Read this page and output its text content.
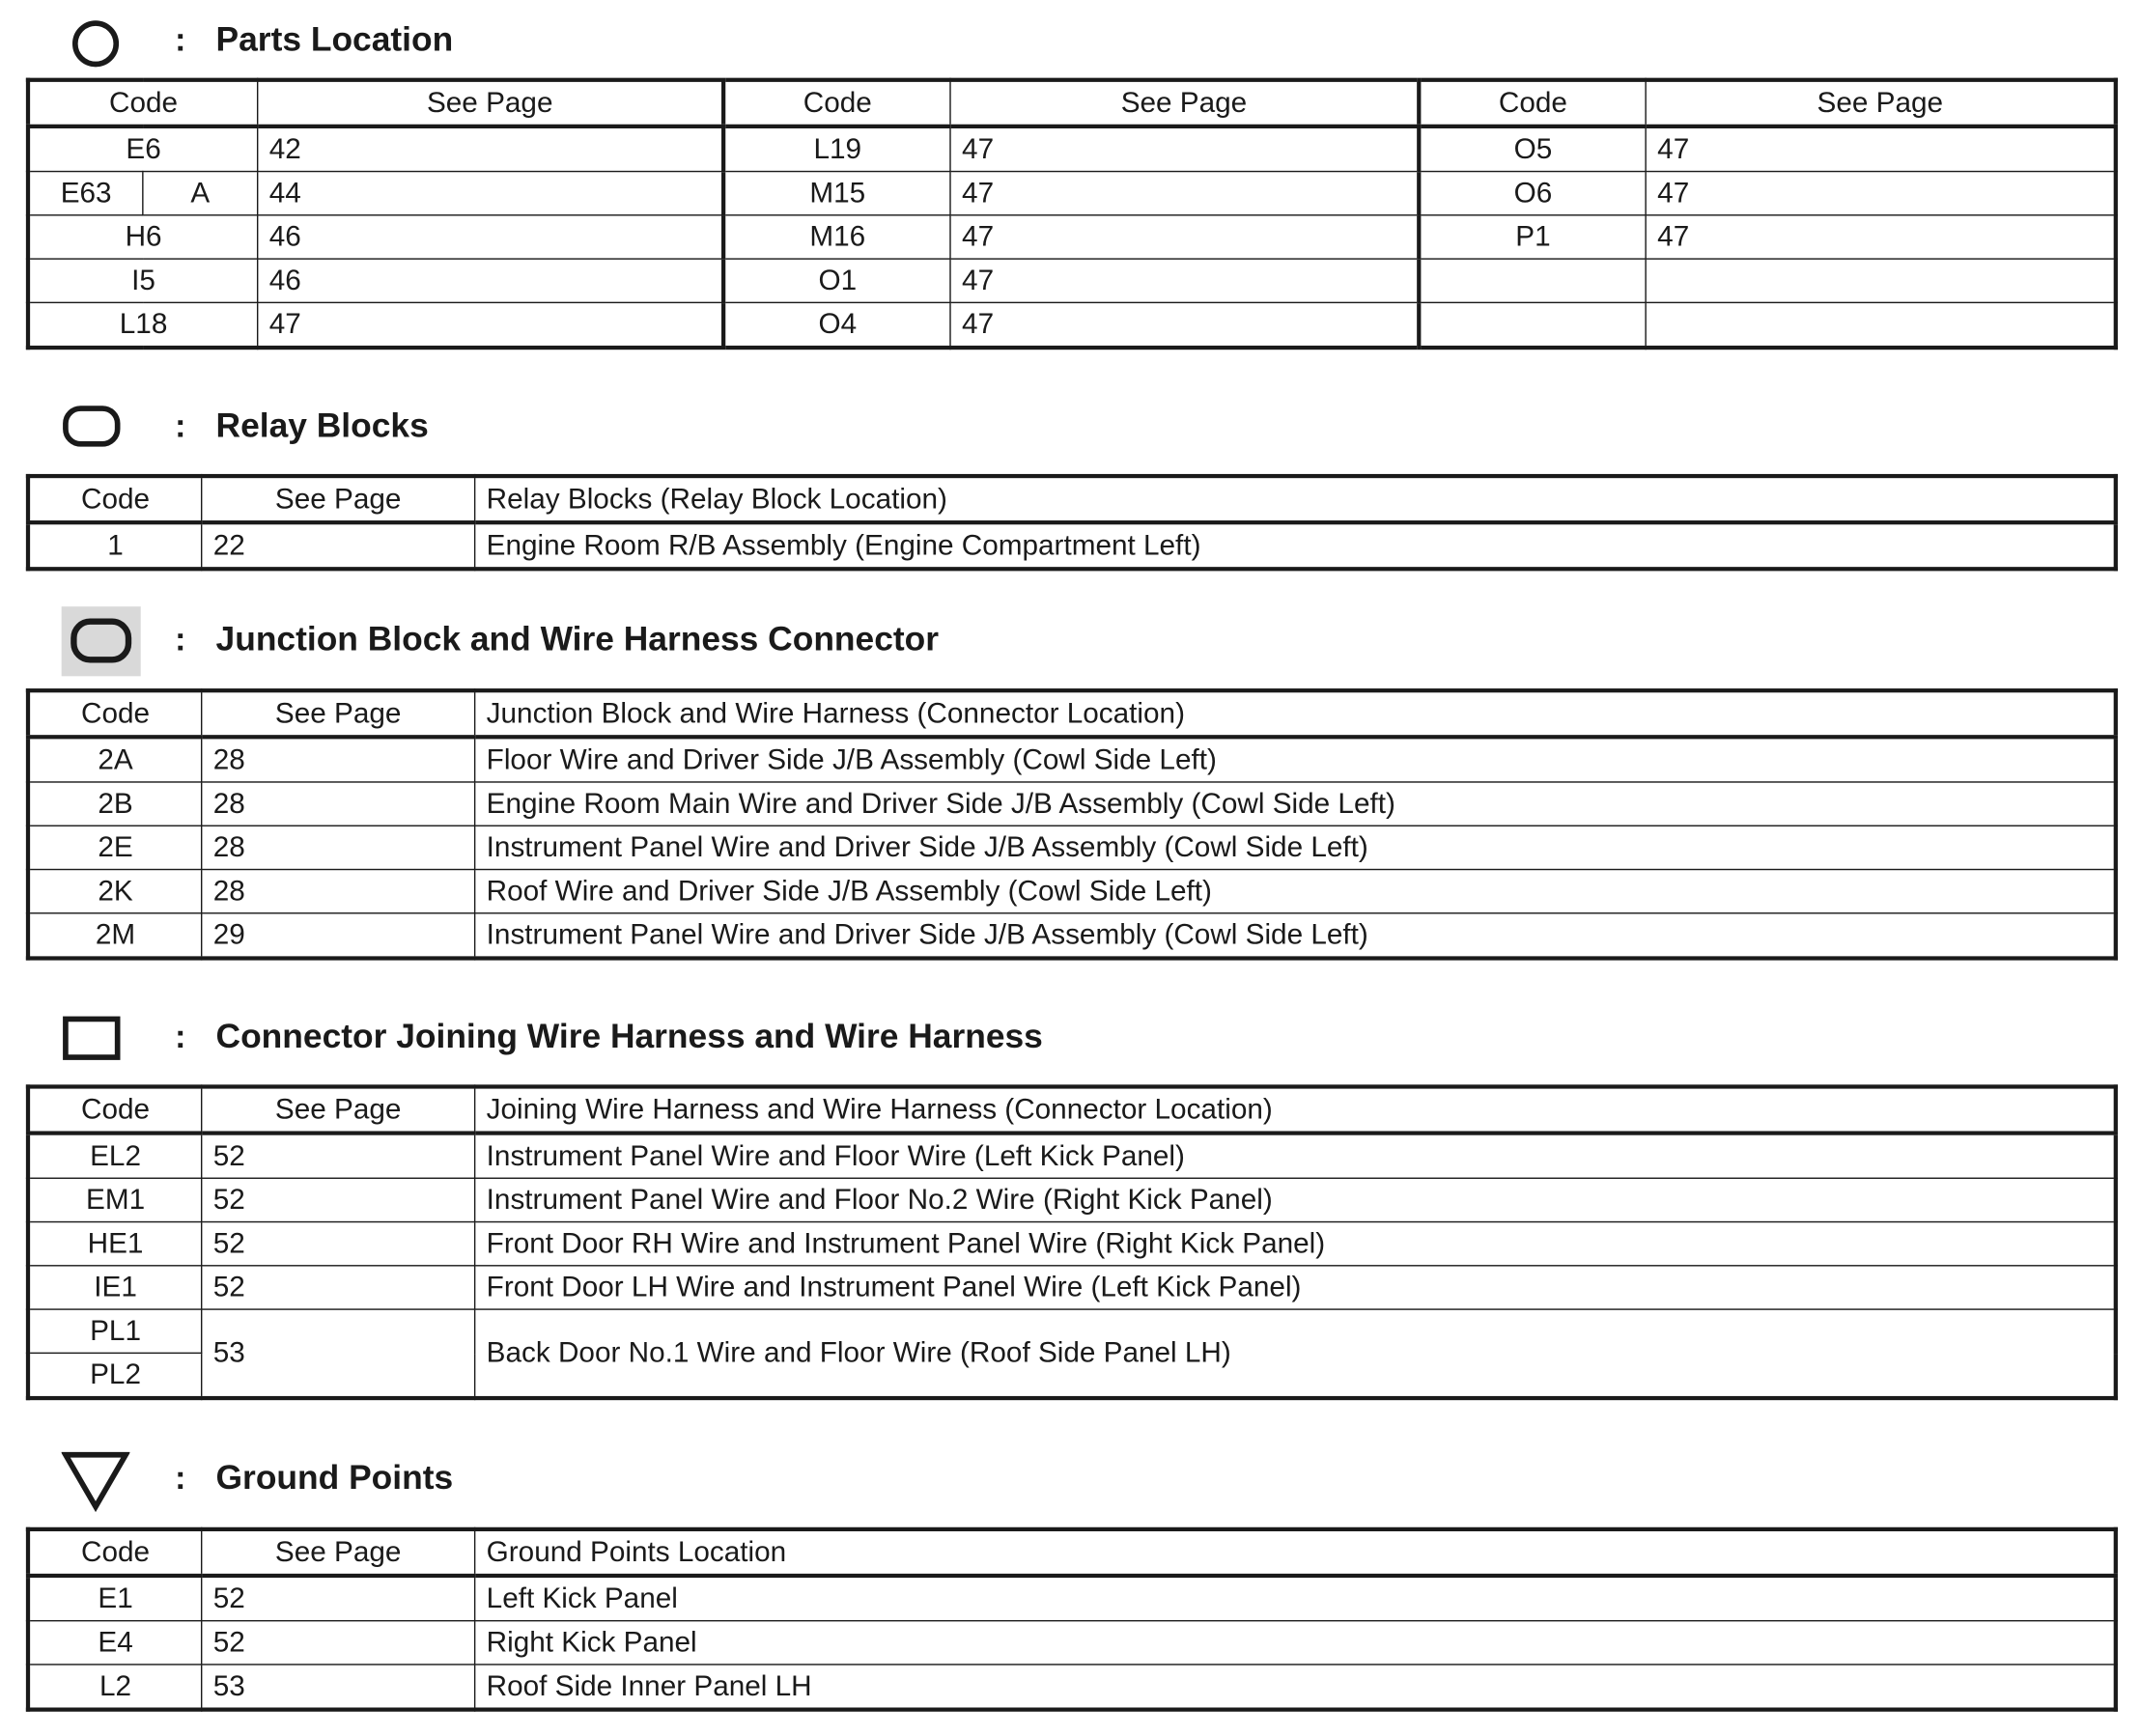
: Parts Location
Code		See Page	Code	See Page	Code	See Page
E6		42	L19	47	O5	47
E63	A	44	M15	47	O6	47
H6		46	M16	47	P1	47
I5		46	O1	47		
L18		47	O4	47		
: Relay Blocks
Code	See Page	Relay Blocks (Relay Block Location)
1	22	Engine Room R/B Assembly (Engine Compartment Left)
: Junction Block and Wire Harness Connector
Code	See Page	Junction Block and Wire Harness (Connector Location)
2A	28	Floor Wire and Driver Side J/B Assembly (Cowl Side Left)
2B	28	Engine Room Main Wire and Driver Side J/B Assembly (Cowl Side Left)
2E	28	Instrument Panel Wire and Driver Side J/B Assembly (Cowl Side Left)
2K	28	Roof Wire and Driver Side J/B Assembly (Cowl Side Left)
2M	29	Instrument Panel Wire and Driver Side J/B Assembly (Cowl Side Left)
: Connector Joining Wire Harness and Wire Harness
Code	See Page	Joining Wire Harness and Wire Harness (Connector Location)
EL2	52	Instrument Panel Wire and Floor Wire (Left Kick Panel)
EM1	52	Instrument Panel Wire and Floor No.2 Wire (Right Kick Panel)
HE1	52	Front Door RH Wire and Instrument Panel Wire (Right Kick Panel)
IE1	52	Front Door LH Wire and Instrument Panel Wire (Left Kick Panel)
PL1	53	Back Door No.1 Wire and Floor Wire (Roof Side Panel LH)
PL2		
: Ground Points
Code	See Page	Ground Points Location
E1	52	Left Kick Panel
E4	52	Right Kick Panel
L2	53	Roof Side Inner Panel LH
